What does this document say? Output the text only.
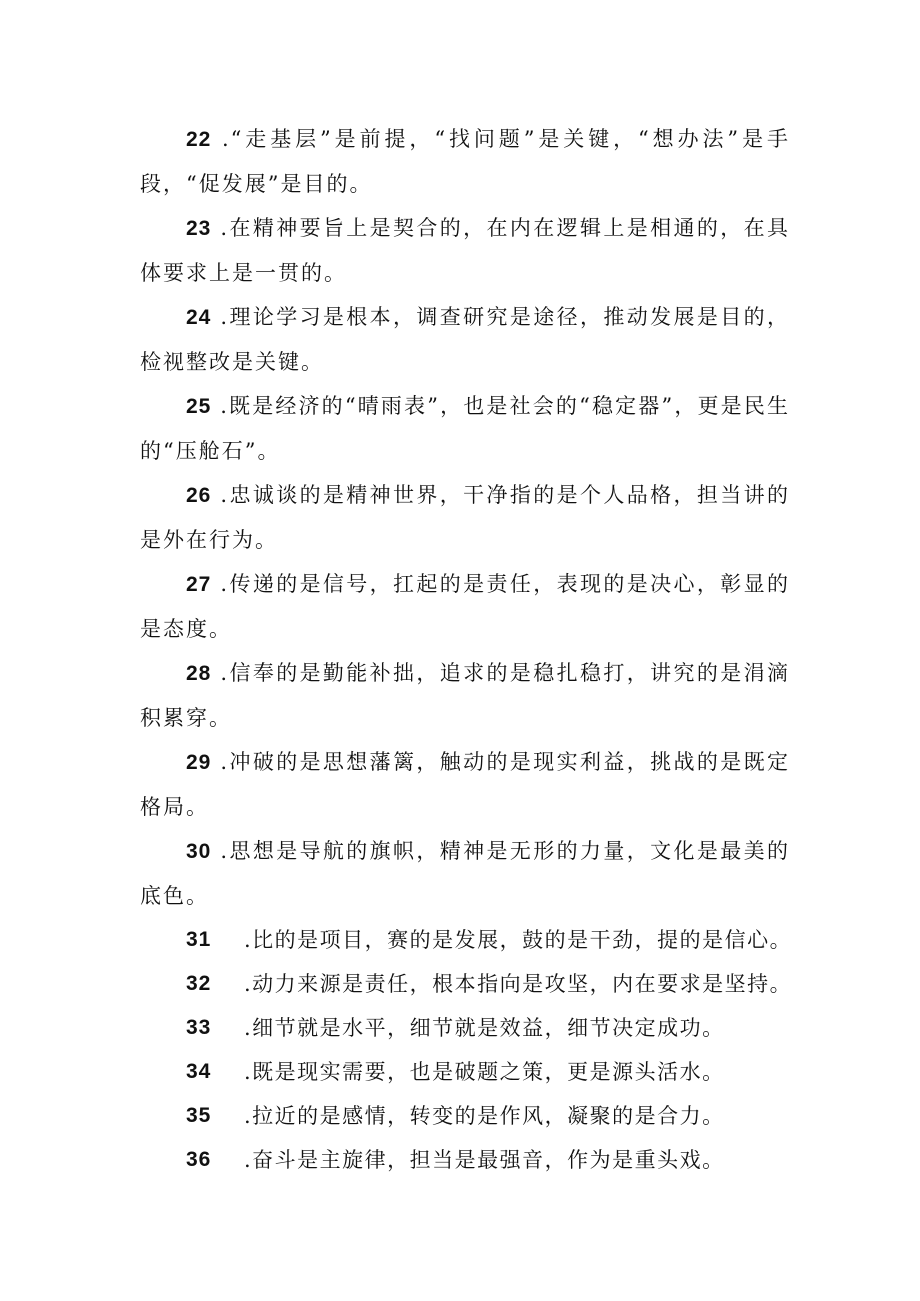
22 .“走基层”是前提，“找问题”是关键，“想办法”是手段，“促发展”是目的。

23 .在精神要旨上是契合的，在内在逻辑上是相通的，在具体要求上是一贯的。

24 .理论学习是根本，调查研究是途径，推动发展是目的，检视整改是关键。

25 .既是经济的“晴雨表”，也是社会的“稳定器”，更是民生的“压舱石”。

26 .忠诚谈的是精神世界，干净指的是个人品格，担当讲的是外在行为。

27 .传递的是信号，扛起的是责任，表现的是决心，彰显的是态度。

28 .信奉的是勤能补拙，追求的是稳扎稳打，讲究的是涓滴积累穿。

29 .冲破的是思想藩篱，触动的是现实利益，挑战的是既定格局。

30 .思想是导航的旗帜，精神是无形的力量，文化是最美的底色。

31 .比的是项目，赛的是发展，鼓的是干劲，提的是信心。
32 .动力来源是责任，根本指向是攻坚，内在要求是坚持。
33 .细节就是水平，细节就是效益，细节决定成功。
34 .既是现实需要，也是破题之策，更是源头活水。
35 .拉近的是感情，转变的是作风，凝聚的是合力。
36 .奋斗是主旋律，担当是最强音，作为是重头戏。
